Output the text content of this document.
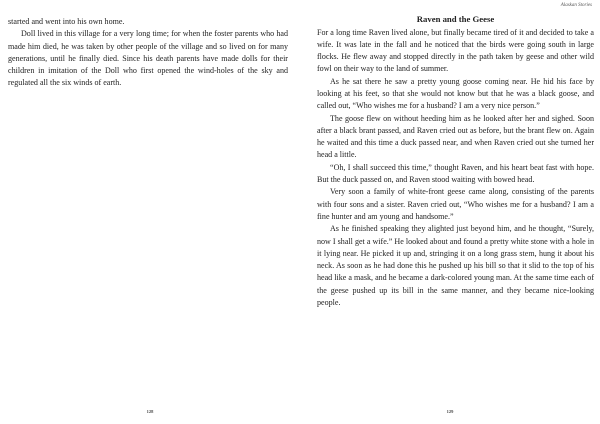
started and went into his own home.

Doll lived in this village for a very long time; for when the foster parents who had made him died, he was taken by other people of the village and so lived on for many generations, until he finally died. Since his death parents have made dolls for their children in imitation of the Doll who first opened the wind-holes of the sky and regulated all the six winds of earth.

128
Alaskan Stories
Raven and the Geese

For a long time Raven lived alone, but finally became tired of it and decided to take a wife. It was late in the fall and he noticed that the birds were going south in large flocks. He flew away and stopped directly in the path taken by geese and other wild fowl on their way to the land of summer.

As he sat there he saw a pretty young goose coming near. He hid his face by looking at his feet, so that she would not know but that he was a black goose, and called out, “Who wishes me for a husband? I am a very nice person.”

The goose flew on without heeding him as he looked after her and sighed. Soon after a black brant passed, and Raven cried out as before, but the brant flew on. Again he waited and this time a duck passed near, and when Raven cried out she turned her head a little.

“Oh, I shall succeed this time,” thought Raven, and his heart beat fast with hope. But the duck passed on, and Raven stood waiting with bowed head.

Very soon a family of white-front geese came along, consisting of the parents with four sons and a sister. Raven cried out, “Who wishes me for a husband? I am a fine hunter and am young and handsome.”

As he finished speaking they alighted just beyond him, and he thought, “Surely, now I shall get a wife.” He looked about and found a pretty white stone with a hole in it lying near. He picked it up and, stringing it on a long grass stem, hung it about his neck. As soon as he had done this he pushed up his bill so that it slid to the top of his head like a mask, and he became a dark-colored young man. At the same time each of the geese pushed up its bill in the same manner, and they became nice-looking people.

129
